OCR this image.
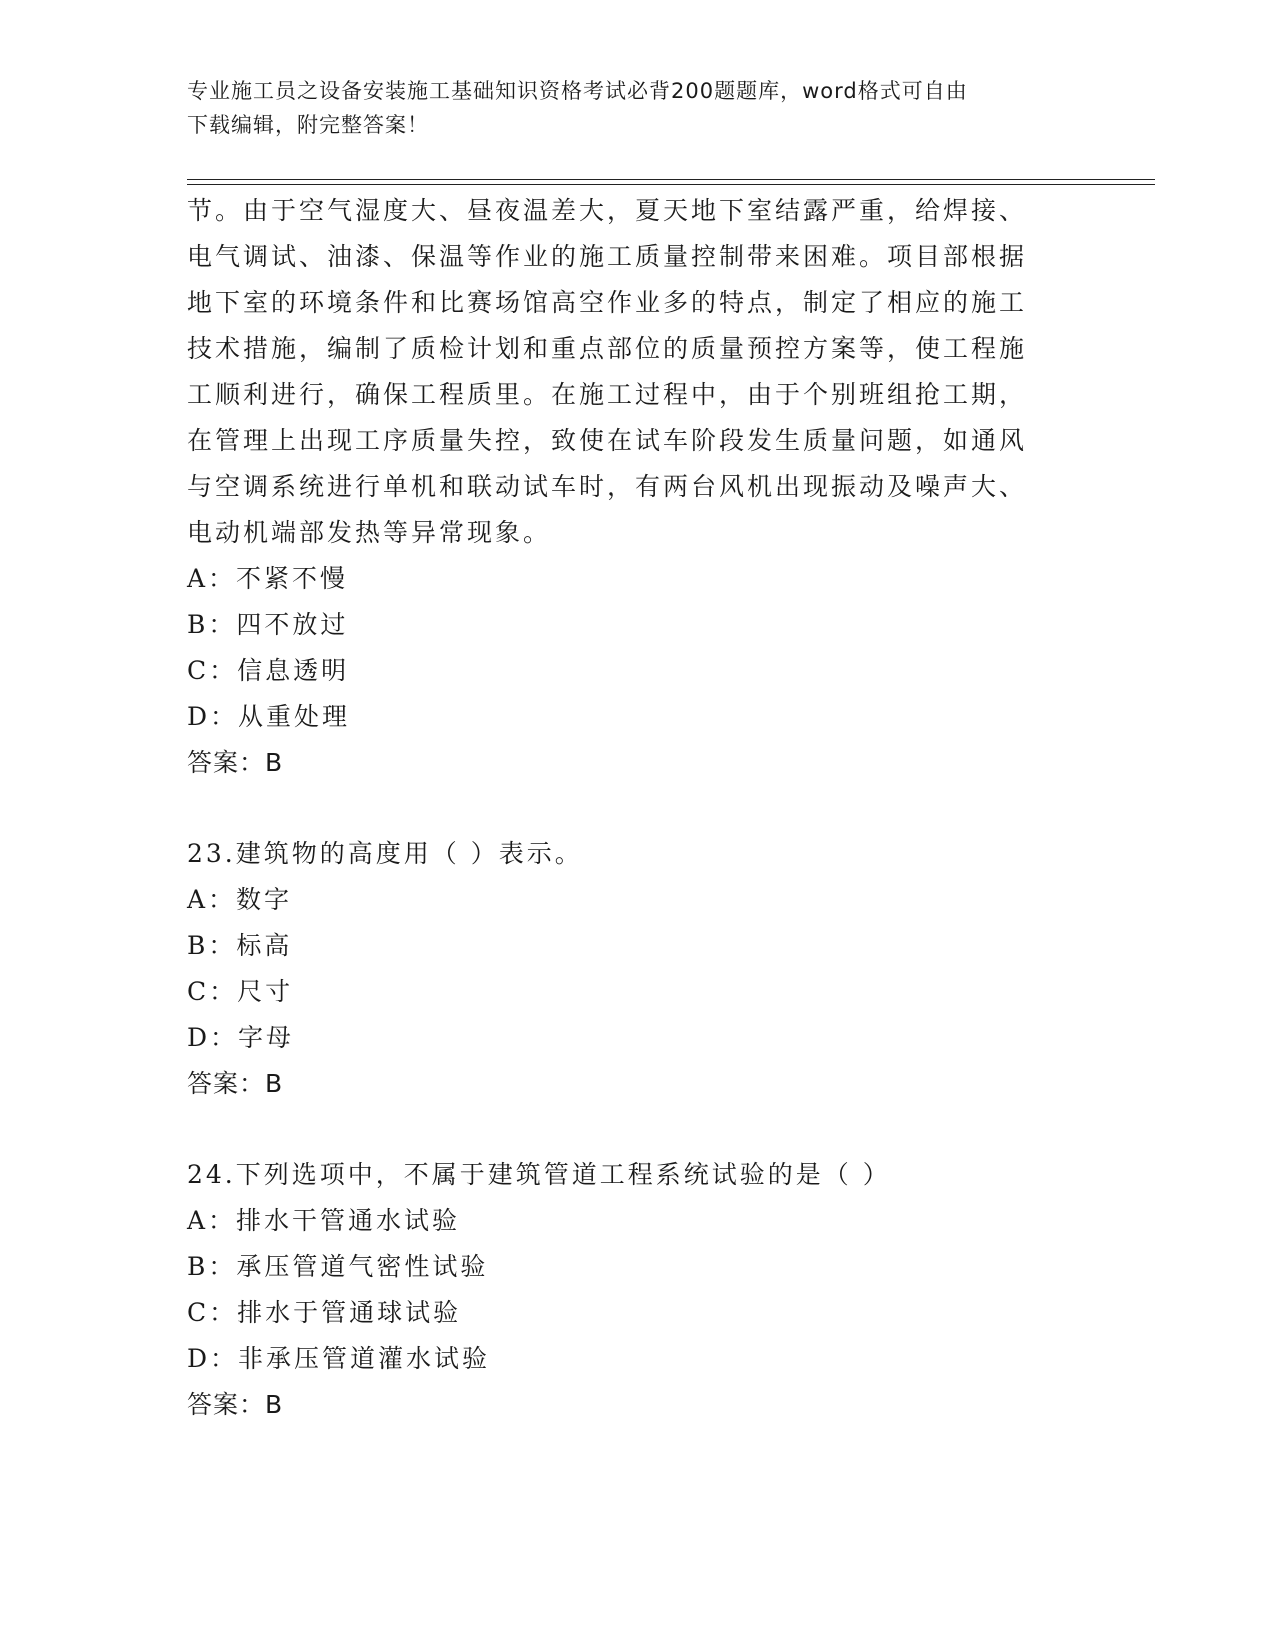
专业施工员之设备安装施工基础知识资格考试必背200题题库，word格式可自由
下载编辑，附完整答案！
节。由于空气湿度大、昼夜温差大，夏天地下室结露严重，给焊接、
电气调试、油漆、保温等作业的施工质量控制带来困难。项目部根据
地下室的环境条件和比赛场馆高空作业多的特点，制定了相应的施工
技术措施，编制了质检计划和重点部位的质量预控方案等，使工程施
工顺利进行，确保工程质里。在施工过程中，由于个别班组抢工期，
在管理上出现工序质量失控，致使在试车阶段发生质量问题，如通风
与空调系统进行单机和联动试车时，有两台风机出现振动及噪声大、
电动机端部发热等异常现象。
A：不紧不慢
B：四不放过
C：信息透明
D：从重处理
答案：B
23.建筑物的高度用（ ）表示。
A：数字
B：标高
C：尺寸
D：字母
答案：B
24.下列选项中，不属于建筑管道工程系统试验的是（ ）
A：排水干管通水试验
B：承压管道气密性试验
C：排水于管通球试验
D：非承压管道灌水试验
答案：B
